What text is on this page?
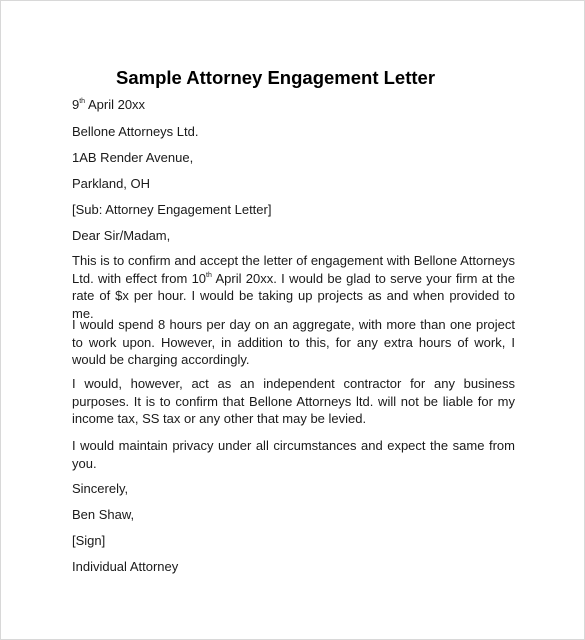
Sample Attorney Engagement Letter
9th April 20xx
Bellone Attorneys Ltd.
1AB Render Avenue,
Parkland, OH
[Sub: Attorney Engagement Letter]
Dear Sir/Madam,
This is to confirm and accept the letter of engagement with Bellone Attorneys Ltd. with effect from 10th April 20xx. I would be glad to serve your firm at the rate of $x per hour. I would be taking up projects as and when provided to me.
I would spend 8 hours per day on an aggregate, with more than one project to work upon. However, in addition to this, for any extra hours of work, I would be charging accordingly.
I would, however, act as an independent contractor for any business purposes. It is to confirm that Bellone Attorneys ltd. will not be liable for my income tax, SS tax or any other that may be levied.
I would maintain privacy under all circumstances and expect the same from you.
Sincerely,
Ben Shaw,
[Sign]
Individual Attorney
